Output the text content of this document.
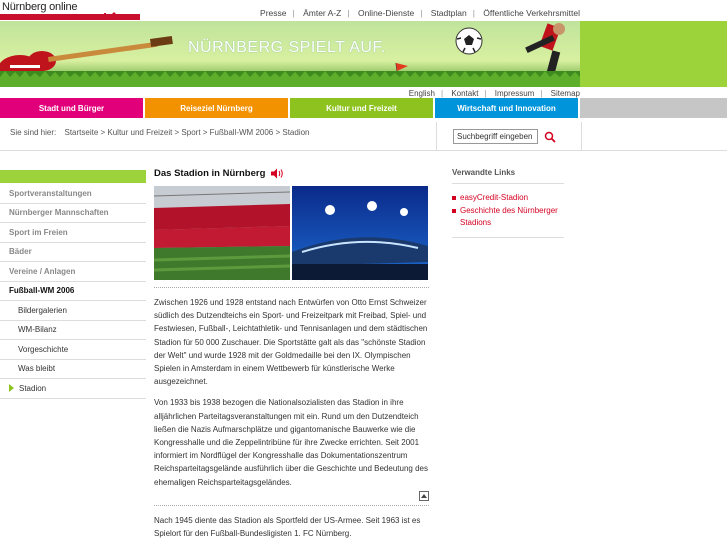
Nürnberg online	Presse | Ämter A-Z | Online-Dienste | Stadtplan | Öffentliche Verkehrsmittel
NÜRNBERG SPIELT AUF.
English | Kontakt | Impressum | Sitemap
Stadt und Bürger	Reiseziel Nürnberg	Kultur und Freizeit	Wirtschaft und Innovation
Sie sind hier: Startseite > Kultur und Freizeit > Sport > Fußball-WM 2006 > Stadion
Suchbegriff eingeben
Sportveranstaltungen
Nürnberger Mannschaften
Sport im Freien
Bäder
Vereine / Anlagen
Fußball-WM 2006
Bildergalerien
WM-Bilanz
Vorgeschichte
Was bleibt
Stadion
Das Stadion in Nürnberg

Zwischen 1926 und 1928 entstand nach Entwürfen von Otto Ernst Schweizer südlich des Dutzendteichs ein Sport- und Freizeitpark mit Freibad, Spiel- und Festwiesen, Fußball-, Leichtathletik- und Tennisanlagen und dem städtischen Stadion für 50 000 Zuschauer. Die Sportstätte galt als das "schönste Stadion der Welt" und wurde 1928 mit der Goldmedaille bei den IX. Olympischen Spielen in Amsterdam in einem Wettbewerb für künstlerische Werke ausgezeichnet.

Von 1933 bis 1938 bezogen die Nationalsozialisten das Stadion in ihre alljährlichen Parteitagsveranstaltungen mit ein. Rund um den Dutzendteich ließen die Nazis Aufmarschplätze und gigantomanische Bauwerke wie die Kongresshalle und die Zeppelintribüne für ihre Zwecke errichten. Seit 2001 informiert im Nordflügel der Kongresshalle das Dokumentationszentrum Reichsparteitagsgelände ausführlich über die Geschichte und Bedeutung des ehemaligen Reichsparteitagsgeländes.

Nach 1945 diente das Stadion als Sportfeld der US-Armee. Seit 1963 ist es Spielort für den Fußball-Bundesligisten 1. FC Nürnberg.

Verwandte Links
easyCredit-Stadion
Geschichte des Nürnberger Stadions
